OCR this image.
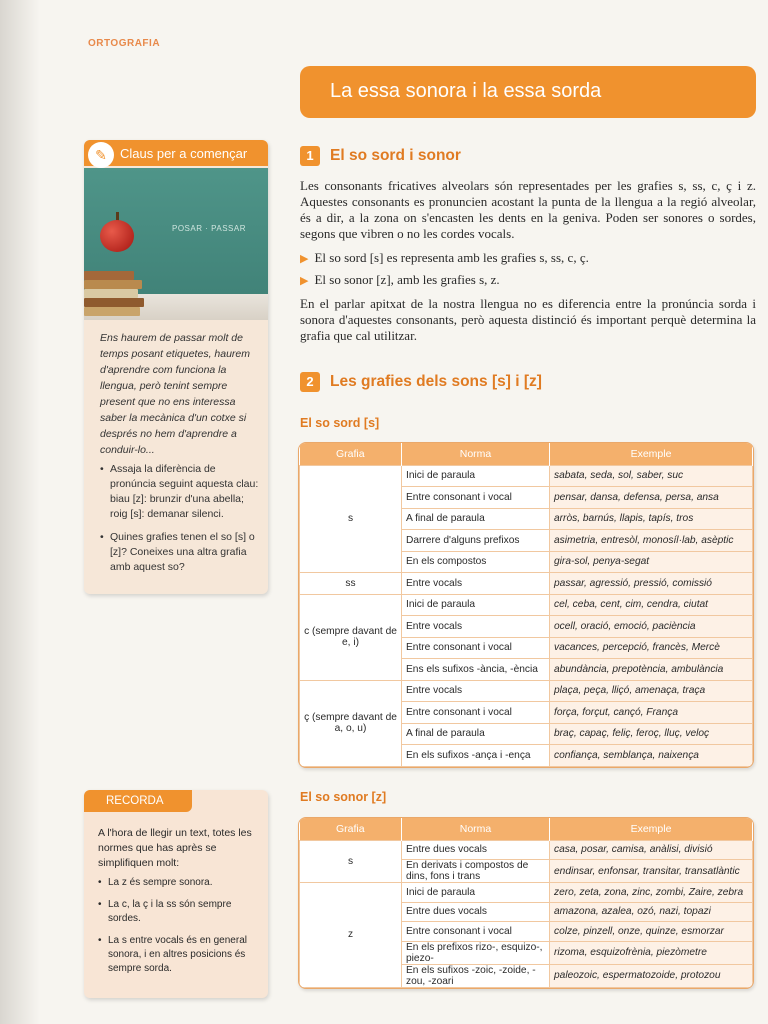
ORTOGRAFIA
La essa sonora i la essa sorda
Claus per a començar
✎
POSAR · PASSAR
Ens haurem de passar molt de temps posant etiquetes, haurem d'aprendre com funciona la llengua, però tenint sempre present que no ens interessa saber la mecànica d'un cotxe si després no hem d'aprendre a conduir-lo...
• Assaja la diferència de pronúncia seguint aquesta clau: biau [z]: brunzir d'una abella; roig [s]: demanar silenci.
• Quines grafies tenen el so [s] o [z]? Coneixes una altra grafia amb aquest so?
RECORDA
A l'hora de llegir un text, totes les normes que has après se simplifiquen molt:
• La z és sempre sonora.
• La c, la ç i la ss són sempre sordes.
• La s entre vocals és en general sonora, i en altres posicions és sempre sorda.
1 El so sord i sonor
Les consonants fricatives alveolars són representades per les grafies s, ss, c, ç i z. Aquestes consonants es pronuncien acostant la punta de la llengua a la regió alveolar, és a dir, a la zona on s'encasten les dents en la geniva. Poden ser sonores o sordes, segons que vibren o no les cordes vocals.
▶ El so sord [s] es representa amb les grafies s, ss, c, ç.
▶ El so sonor [z], amb les grafies s, z.
En el parlar apitxat de la nostra llengua no es diferencia entre la pronúncia sorda i sonora d'aquestes consonants, però aquesta distinció és important perquè determina la grafia que cal utilitzar.
2 Les grafies dels sons [s] i [z]
El so sord [s]
Grafia	Norma	Exemple
s	Inici de paraula	sabata, seda, sol, saber, suc
	Entre consonant i vocal	pensar, dansa, defensa, persa, ansa
	A final de paraula	arròs, barnús, llapis, tapís, tros
	Darrere d'alguns prefixos	asimetria, entresòl, monosíl·lab, asèptic
	En els compostos	gira-sol, penya-segat
ss	Entre vocals	passar, agressió, pressió, comissió
c (sempre davant de e, i)	Inici de paraula	cel, ceba, cent, cim, cendra, ciutat
	Entre vocals	ocell, oració, emoció, paciència
	Entre consonant i vocal	vacances, percepció, francès, Mercè
	Ens els sufixos -ància, -ència	abundància, prepotència, ambulància
ç (sempre davant de a, o, u)	Entre vocals	plaça, peça, lliçó, amenaça, traça
	Entre consonant i vocal	força, forçut, cançó, França
	A final de paraula	braç, capaç, feliç, feroç, lluç, veloç
	En els sufixos -ança i -ença	confiança, semblança, naixença
El so sonor [z]
Grafia	Norma	Exemple
s	Entre dues vocals	casa, posar, camisa, anàlisi, divisió
	En derivats i compostos de dins, fons i trans	endinsar, enfonsar, transitar, transatlàntic
z	Inici de paraula	zero, zeta, zona, zinc, zombi, Zaire, zebra
	Entre dues vocals	amazona, azalea, ozó, nazi, topazi
	Entre consonant i vocal	colze, pinzell, onze, quinze, esmorzar
	En els prefixos rizo-, esquizo-, piezo-	rizoma, esquizofrènia, piezòmetre
	En els sufixos -zoic, -zoide, -zou, -zoari	paleozoic, espermatozoide, protozou
